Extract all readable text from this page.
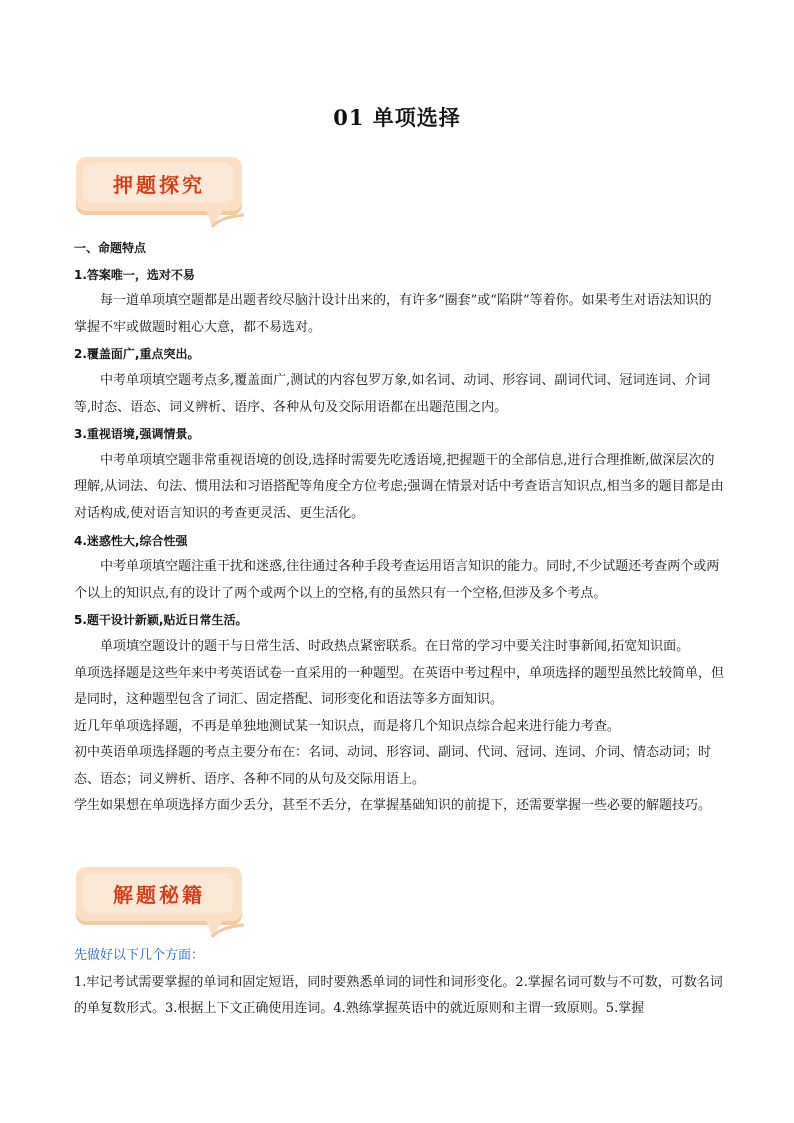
01 单项选择
押题探究

一、命题特点

1.答案唯一，选对不易

每一道单项填空题都是出题者绞尽脑汁设计出来的，有许多“圈套”或“陷阱”等着你。如果考生对语法知识的掌握不牢或做题时粗心大意，都不易选对。

2.覆盖面广,重点突出。

中考单项填空题考点多,覆盖面广,测试的内容包罗万象,如名词、动词、形容词、副词代词、冠词连词、介词等,时态、语态、词义辨析、语序、各种从句及交际用语都在出题范围之内。

3.重视语境,强调情景。

中考单项填空题非常重视语境的创设,选择时需要先吃透语境,把握题干的全部信息,进行合理推断,做深层次的理解,从词法、句法、惯用法和习语搭配等角度全方位考虑;强调在情景对话中考查语言知识点,相当多的题目都是由对话构成,使对语言知识的考查更灵活、更生活化。

4.迷惑性大,综合性强

中考单项填空题注重干扰和迷惑,往往通过各种手段考查运用语言知识的能力。同时,不少试题还考查两个或两个以上的知识点,有的设计了两个或两个以上的空格,有的虽然只有一个空格,但涉及多个考点。

5.题干设计新颖,贴近日常生活。

单项填空题设计的题干与日常生活、时政热点紧密联系。在日常的学习中要关注时事新闻,拓宽知识面。

单项选择题是这些年来中考英语试卷一直采用的一种题型。在英语中考过程中，单项选择的题型虽然比较简单，但是同时，这种题型包含了词汇、固定搭配、词形变化和语法等多方面知识。

近几年单项选择题，不再是单独地测试某一知识点，而是将几个知识点综合起来进行能力考查。

初中英语单项选择题的考点主要分布在：名词、动词、形容词、副词、代词、冠词、连词、介词、情态动词；时态、语态；词义辨析、语序、各种不同的从句及交际用语上。

学生如果想在单项选择方面少丢分，甚至不丢分，在掌握基础知识的前提下，还需要掌握一些必要的解题技巧。

解题秘籍

先做好以下几个方面：

1.牢记考试需要掌握的单词和固定短语，同时要熟悉单词的词性和词形变化。2.掌握名词可数与不可数，可数名词的单复数形式。3.根据上下文正确使用连词。4.熟练掌握英语中的就近原则和主谓一致原则。5.掌握
